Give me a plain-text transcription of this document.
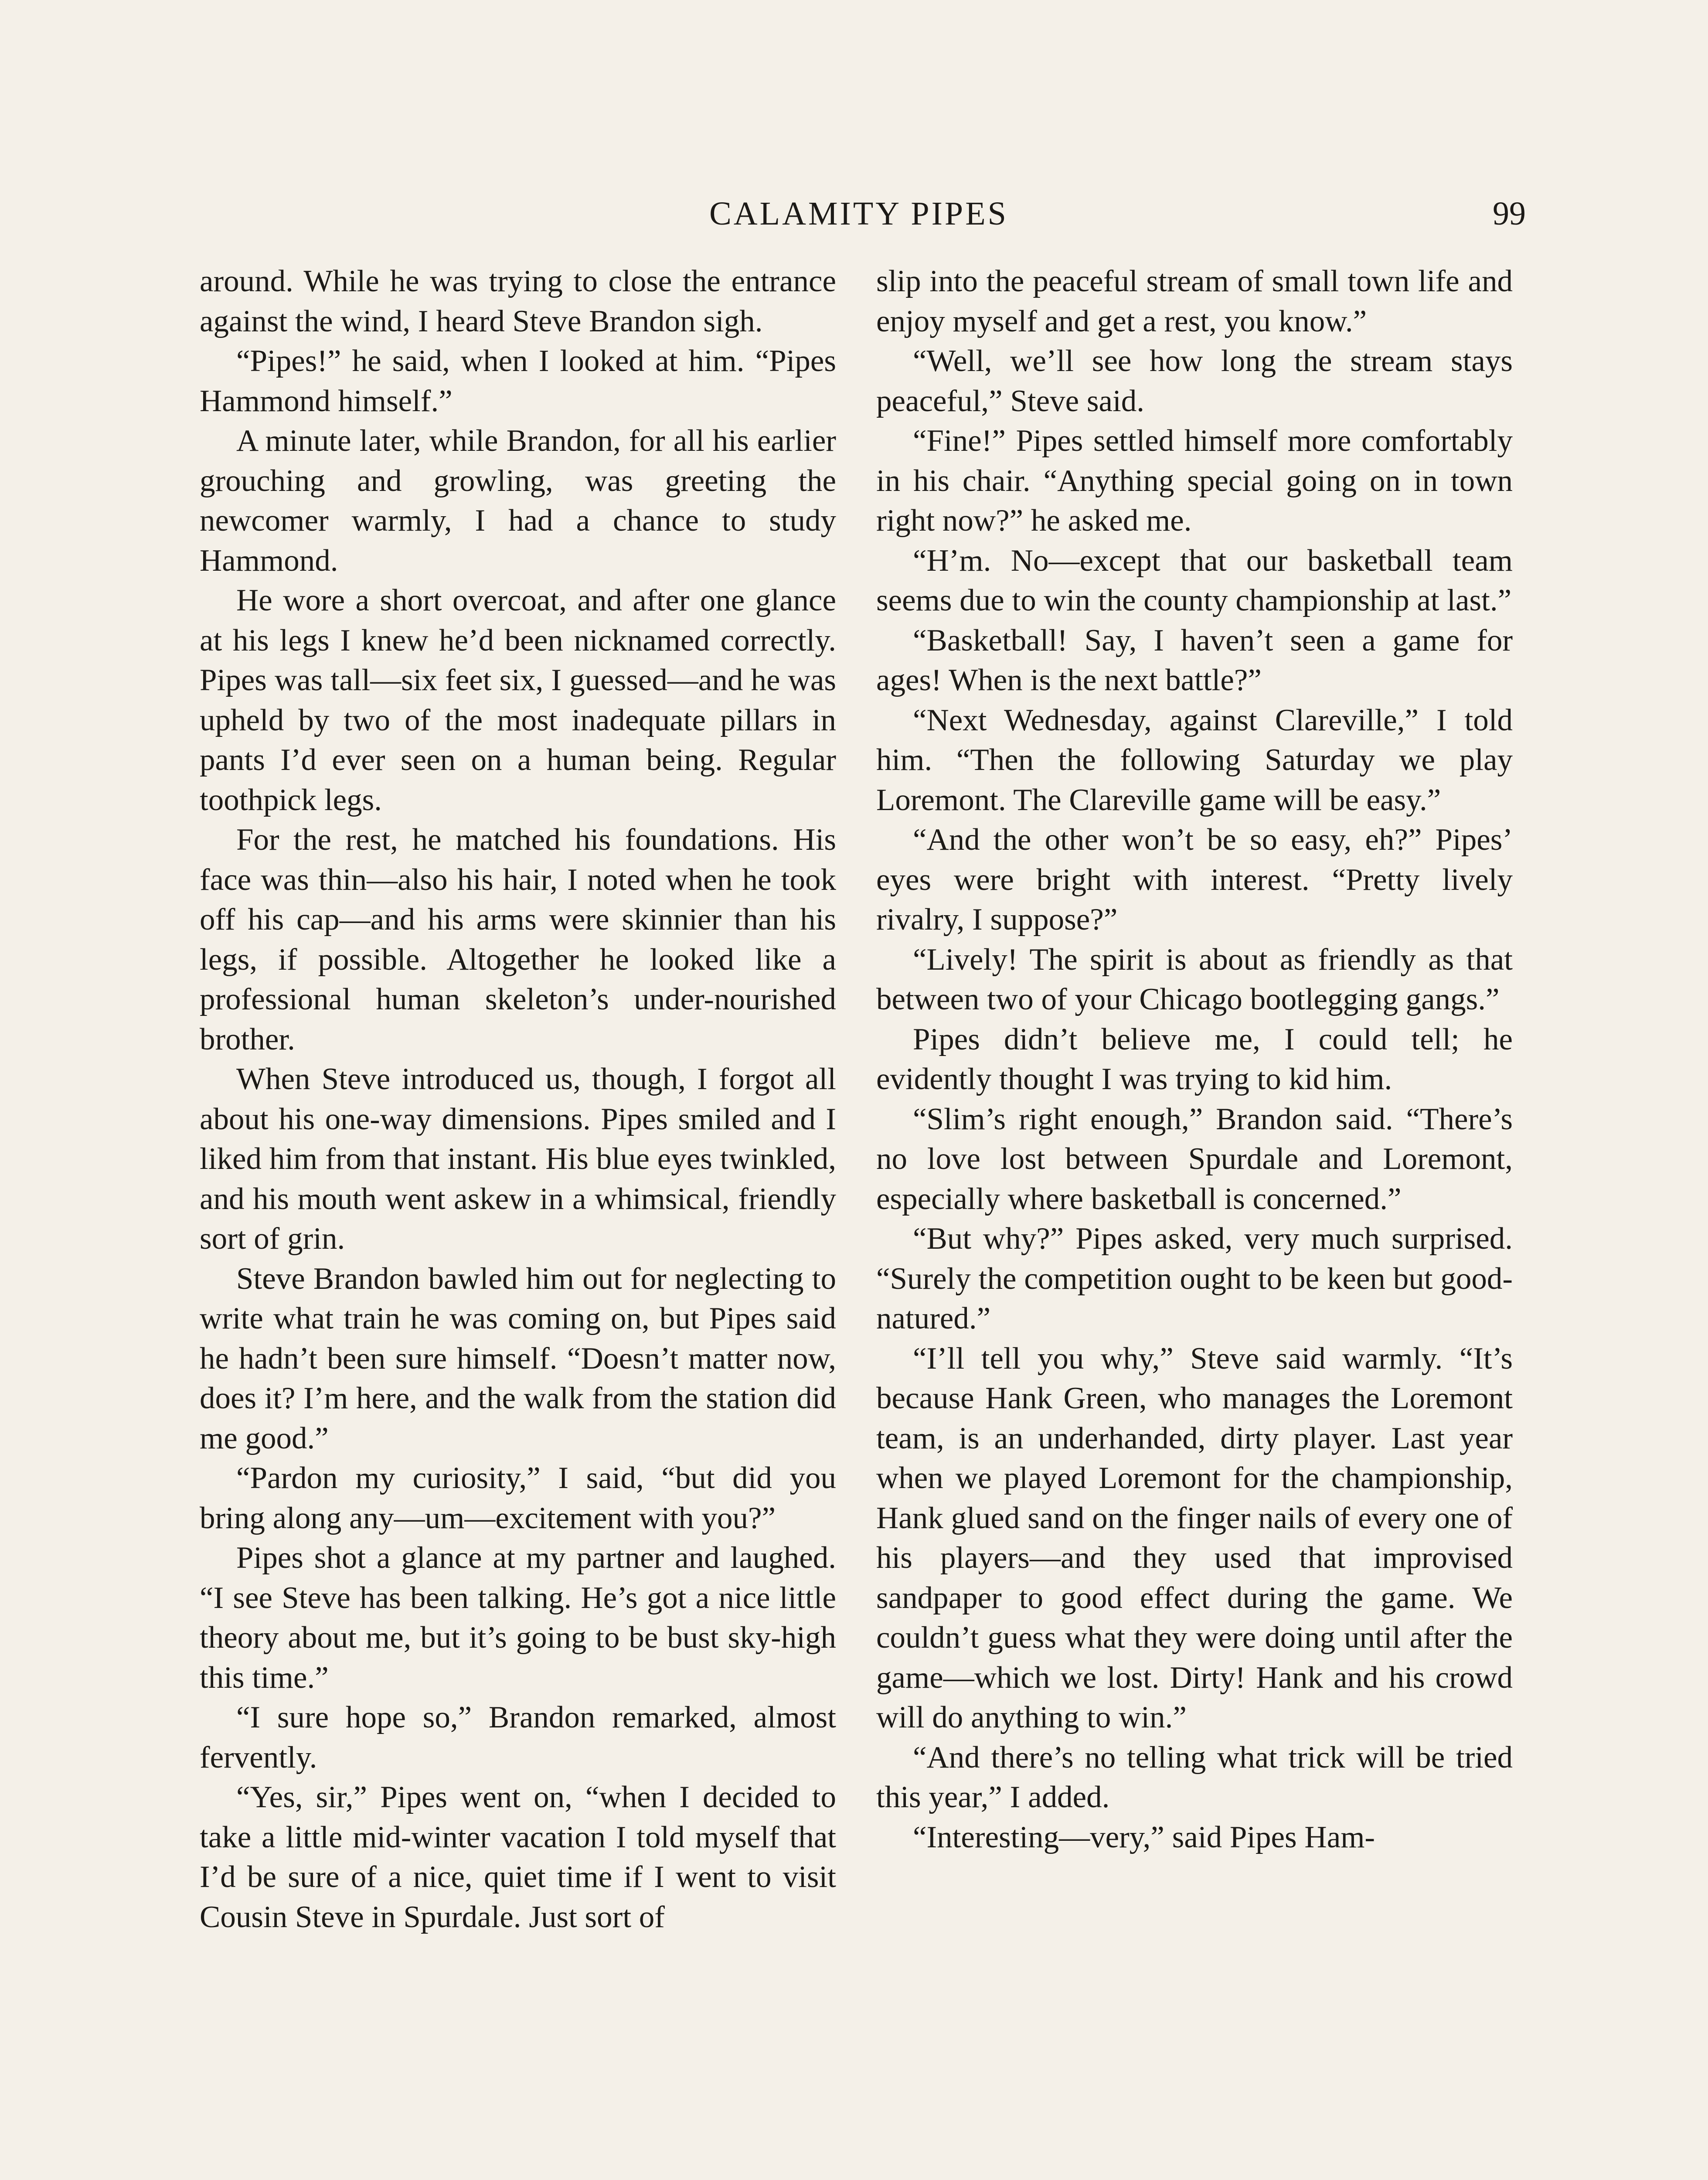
CALAMITY PIPES	99

around. While he was trying to close the entrance against the wind, I heard Steve Brandon sigh.

“Pipes!” he said, when I looked at him. “Pipes Hammond himself.”

A minute later, while Brandon, for all his earlier grouching and growling, was greeting the newcomer warmly, I had a chance to study Hammond.

He wore a short overcoat, and after one glance at his legs I knew he’d been nicknamed correctly. Pipes was tall—six feet six, I guessed—and he was upheld by two of the most inadequate pillars in pants I’d ever seen on a human being. Regular toothpick legs.

For the rest, he matched his foundations. His face was thin—also his hair, I noted when he took off his cap—and his arms were skinnier than his legs, if possible. Altogether he looked like a professional human skeleton’s under-nourished brother.

When Steve introduced us, though, I forgot all about his one-way dimensions. Pipes smiled and I liked him from that instant. His blue eyes twinkled, and his mouth went askew in a whimsical, friendly sort of grin.

Steve Brandon bawled him out for neglecting to write what train he was coming on, but Pipes said he hadn’t been sure himself. “Doesn’t matter now, does it? I’m here, and the walk from the station did me good.”

“Pardon my curiosity,” I said, “but did you bring along any—um—excitement with you?”

Pipes shot a glance at my partner and laughed. “I see Steve has been talking. He’s got a nice little theory about me, but it’s going to be bust sky-high this time.”

“I sure hope so,” Brandon remarked, almost fervently.

“Yes, sir,” Pipes went on, “when I decided to take a little mid-winter vacation I told myself that I’d be sure of a nice, quiet time if I went to visit Cousin Steve in Spurdale. Just sort of

slip into the peaceful stream of small town life and enjoy myself and get a rest, you know.”

“Well, we’ll see how long the stream stays peaceful,” Steve said.

“Fine!” Pipes settled himself more comfortably in his chair. “Anything special going on in town right now?” he asked me.

“H’m. No—except that our basketball team seems due to win the county championship at last.”

“Basketball! Say, I haven’t seen a game for ages! When is the next battle?”

“Next Wednesday, against Clareville,” I told him. “Then the following Saturday we play Loremont. The Clareville game will be easy.”

“And the other won’t be so easy, eh?” Pipes’ eyes were bright with interest. “Pretty lively rivalry, I suppose?”

“Lively! The spirit is about as friendly as that between two of your Chicago bootlegging gangs.”

Pipes didn’t believe me, I could tell; he evidently thought I was trying to kid him.

“Slim’s right enough,” Brandon said. “There’s no love lost between Spurdale and Loremont, especially where basketball is concerned.”

“But why?” Pipes asked, very much surprised. “Surely the competition ought to be keen but good-natured.”

“I’ll tell you why,” Steve said warmly. “It’s because Hank Green, who manages the Loremont team, is an underhanded, dirty player. Last year when we played Loremont for the championship, Hank glued sand on the finger nails of every one of his players—and they used that improvised sandpaper to good effect during the game. We couldn’t guess what they were doing until after the game—which we lost. Dirty! Hank and his crowd will do anything to win.”

“And there’s no telling what trick will be tried this year,” I added.

“Interesting—very,” said Pipes Ham-
